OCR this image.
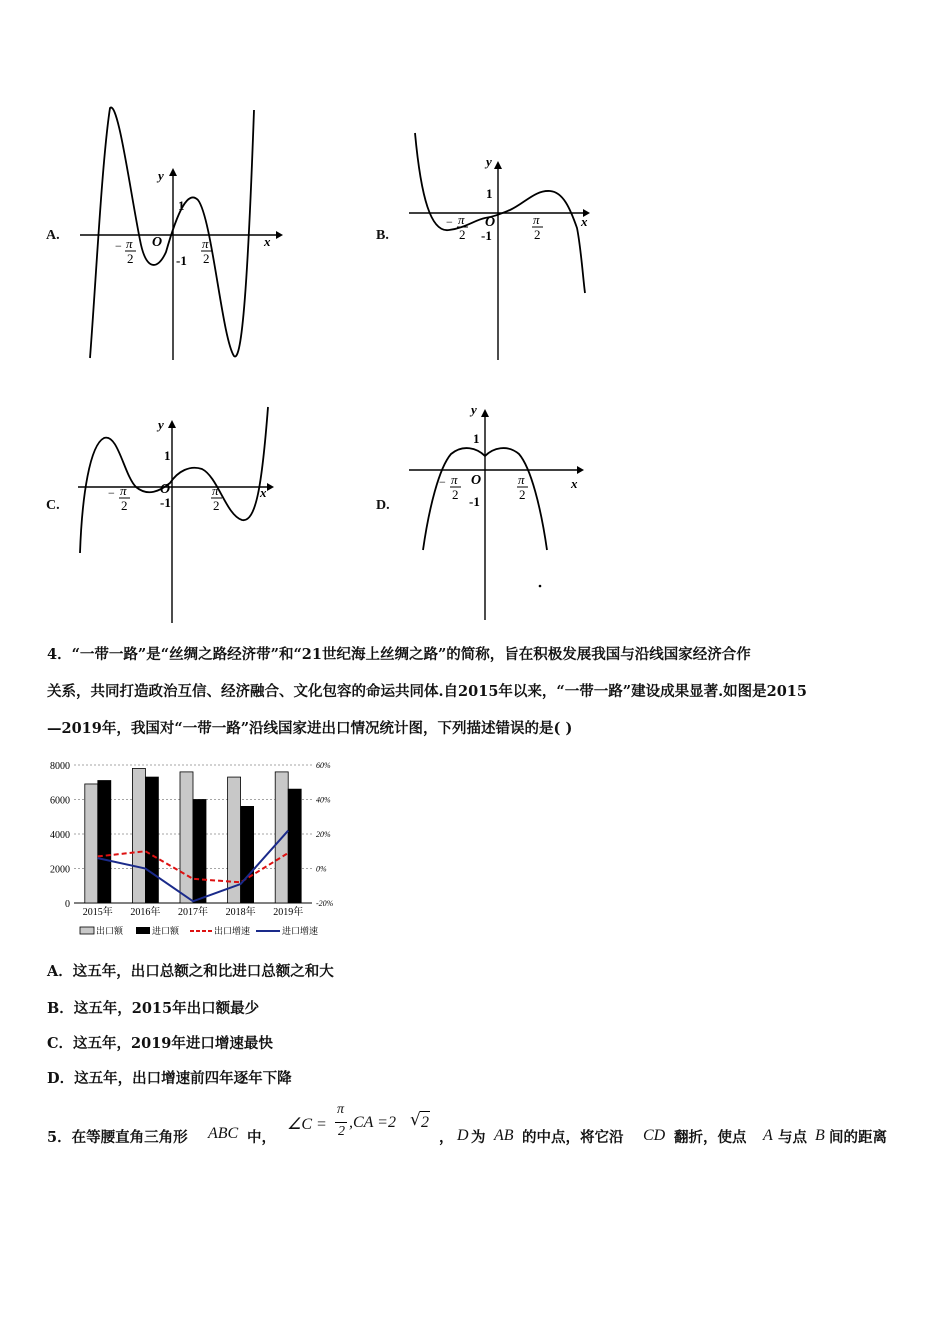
A.
1
-1
O	x
y
− π
2
π
2
B.
1
-1
O	x
y
− π
2
π
2
C.
1
-1
O	x
y
− π
2
π
2	D.
1
-1
O	x
y
− π
2
π
2
4．“一带一路”是“丝绸之路经济带”和“21世纪海上丝绸之路”的简称，旨在积极发展我国与沿线国家经济合作
关系，共同打造政治互信、经济融合、文化包容的命运共同体.自2015年以来，“一带一路”建设成果显著.如图是2015
—2019年，我国对“一带一路”沿线国家进出口情况统计图，下列描述错误的是( )
8000
6000
4000
2000
0
60%
40%
20%
0%
-20%
2015年 2016年 2017年 2018年 2019年
出口额	进口额	出口增速	进口增速
A．这五年，出口总额之和比进口总额之和大
B．这五年，2015年出口额最少
C．这五年，2019年进口增速最快
D．这五年，出口增速前四年逐年下降
5．在等腰直角三角形 ABC 中，
∠C =
π
2
,CA =2 √ 2
， D 为 AB 的中点，将它沿 CD 翻折，使点 A 与点 B 间的距离
